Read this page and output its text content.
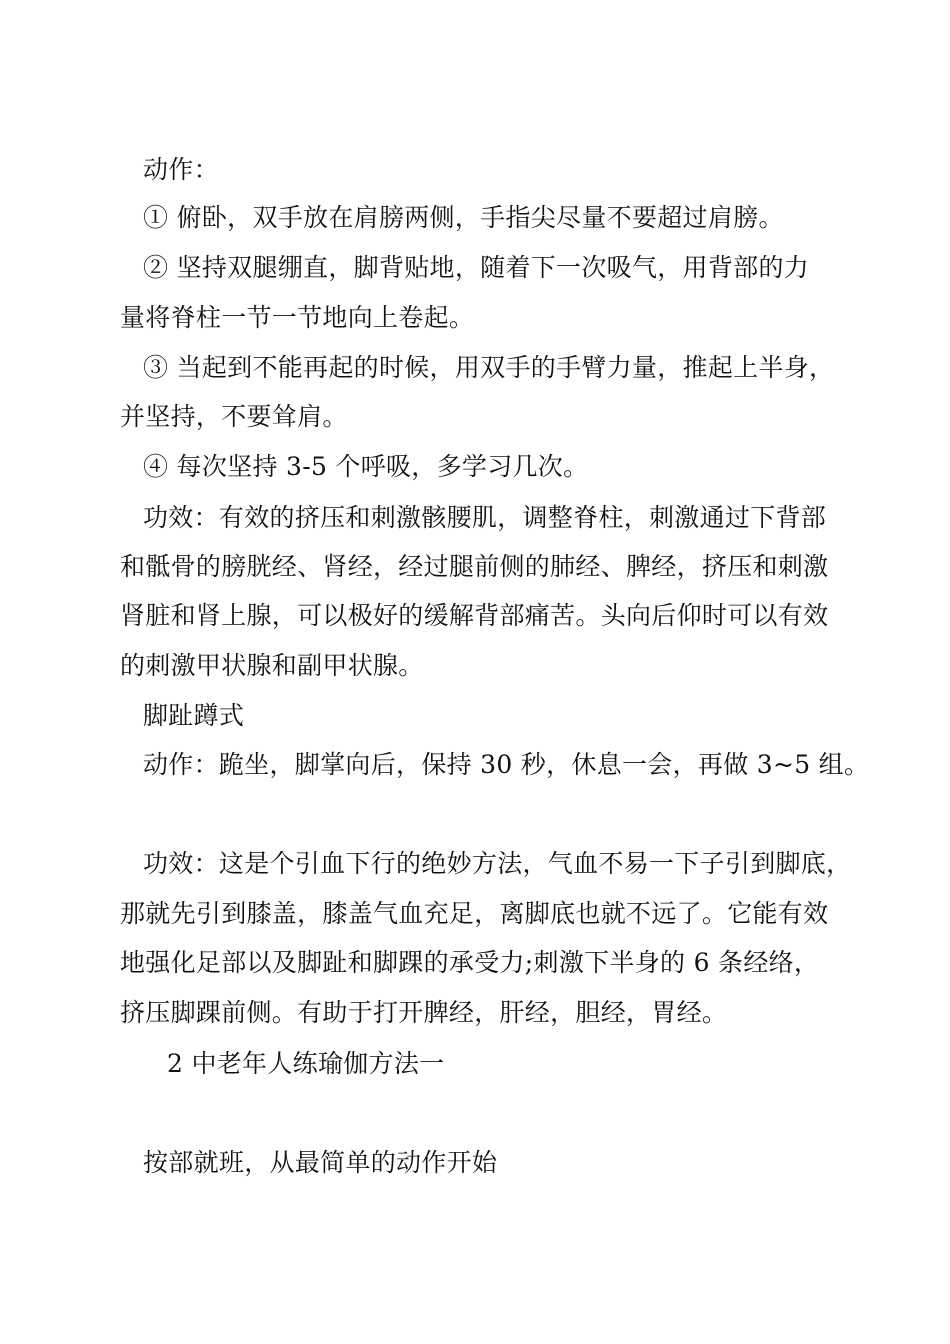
动作：
① 俯卧，双手放在肩膀两侧，手指尖尽量不要超过肩膀。
② 坚持双腿绷直，脚背贴地，随着下一次吸气，用背部的力
量将脊柱一节一节地向上卷起。
③ 当起到不能再起的时候，用双手的手臂力量，推起上半身，
并坚持，不要耸肩。
④ 每次坚持 3-5 个呼吸，多学习几次。
功效：有效的挤压和刺激骸腰肌，调整脊柱，刺激通过下背部
和骶骨的膀胱经、肾经，经过腿前侧的肺经、脾经，挤压和刺激
肾脏和肾上腺，可以极好的缓解背部痛苦。头向后仰时可以有效
的刺激甲状腺和副甲状腺。
脚趾蹲式
动作：跪坐，脚掌向后，保持 30 秒，休息一会，再做 3~5 组。
功效：这是个引血下行的绝妙方法，气血不易一下子引到脚底，
那就先引到膝盖，膝盖气血充足，离脚底也就不远了。它能有效
地强化足部以及脚趾和脚踝的承受力;刺激下半身的 6 条经络，
挤压脚踝前侧。有助于打开脾经，肝经，胆经，胃经。
2 中老年人练瑜伽方法一
按部就班，从最简单的动作开始
